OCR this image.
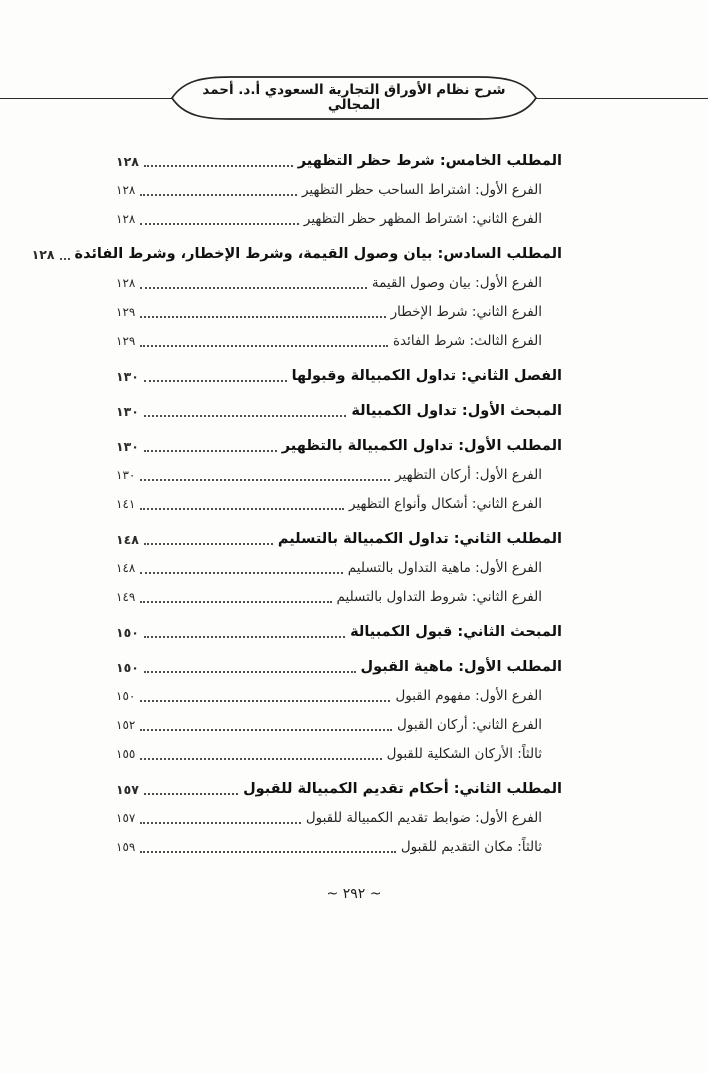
شرح نظام الأوراق التجارية السعودي أ.د. أحمد المجالي
المطلب الخامس: شرط حظر التظهير
١٢٨
الفرع الأول: اشتراط الساحب حظر التظهير
١٢٨
الفرع الثاني: اشتراط المظهر حظر التظهير
١٢٨
المطلب السادس: بيان وصول القيمة، وشرط الإخطار، وشرط الفائدة
١٢٨
الفرع الأول: بيان وصول القيمة
١٢٨
الفرع الثاني: شرط الإخطار
١٢٩
الفرع الثالث: شرط الفائدة
١٢٩
الفصل الثاني: تداول الكمبيالة وقبولها
١٣٠
المبحث الأول: تداول الكمبيالة
١٣٠
المطلب الأول: تداول الكمبيالة بالتظهير
١٣٠
الفرع الأول: أركان التظهير
١٣٠
الفرع الثاني: أشكال وأنواع التظهير
١٤١
المطلب الثاني: تداول الكمبيالة بالتسليم
١٤٨
الفرع الأول: ماهية التداول بالتسليم
١٤٨
الفرع الثاني: شروط التداول بالتسليم
١٤٩
المبحث الثاني: قبول الكمبيالة
١٥٠
المطلب الأول: ماهية القبول
١٥٠
الفرع الأول: مفهوم القبول
١٥٠
الفرع الثاني: أركان القبول
١٥٢
ثالثاً: الأركان الشكلية للقبول
١٥٥
المطلب الثاني: أحكام تقديم الكمبيالة للقبول
١٥٧
الفرع الأول: ضوابط تقديم الكمبيالة للقبول
١٥٧
ثالثاً: مكان التقديم للقبول
١٥٩
~ ٢٩٢ ~
